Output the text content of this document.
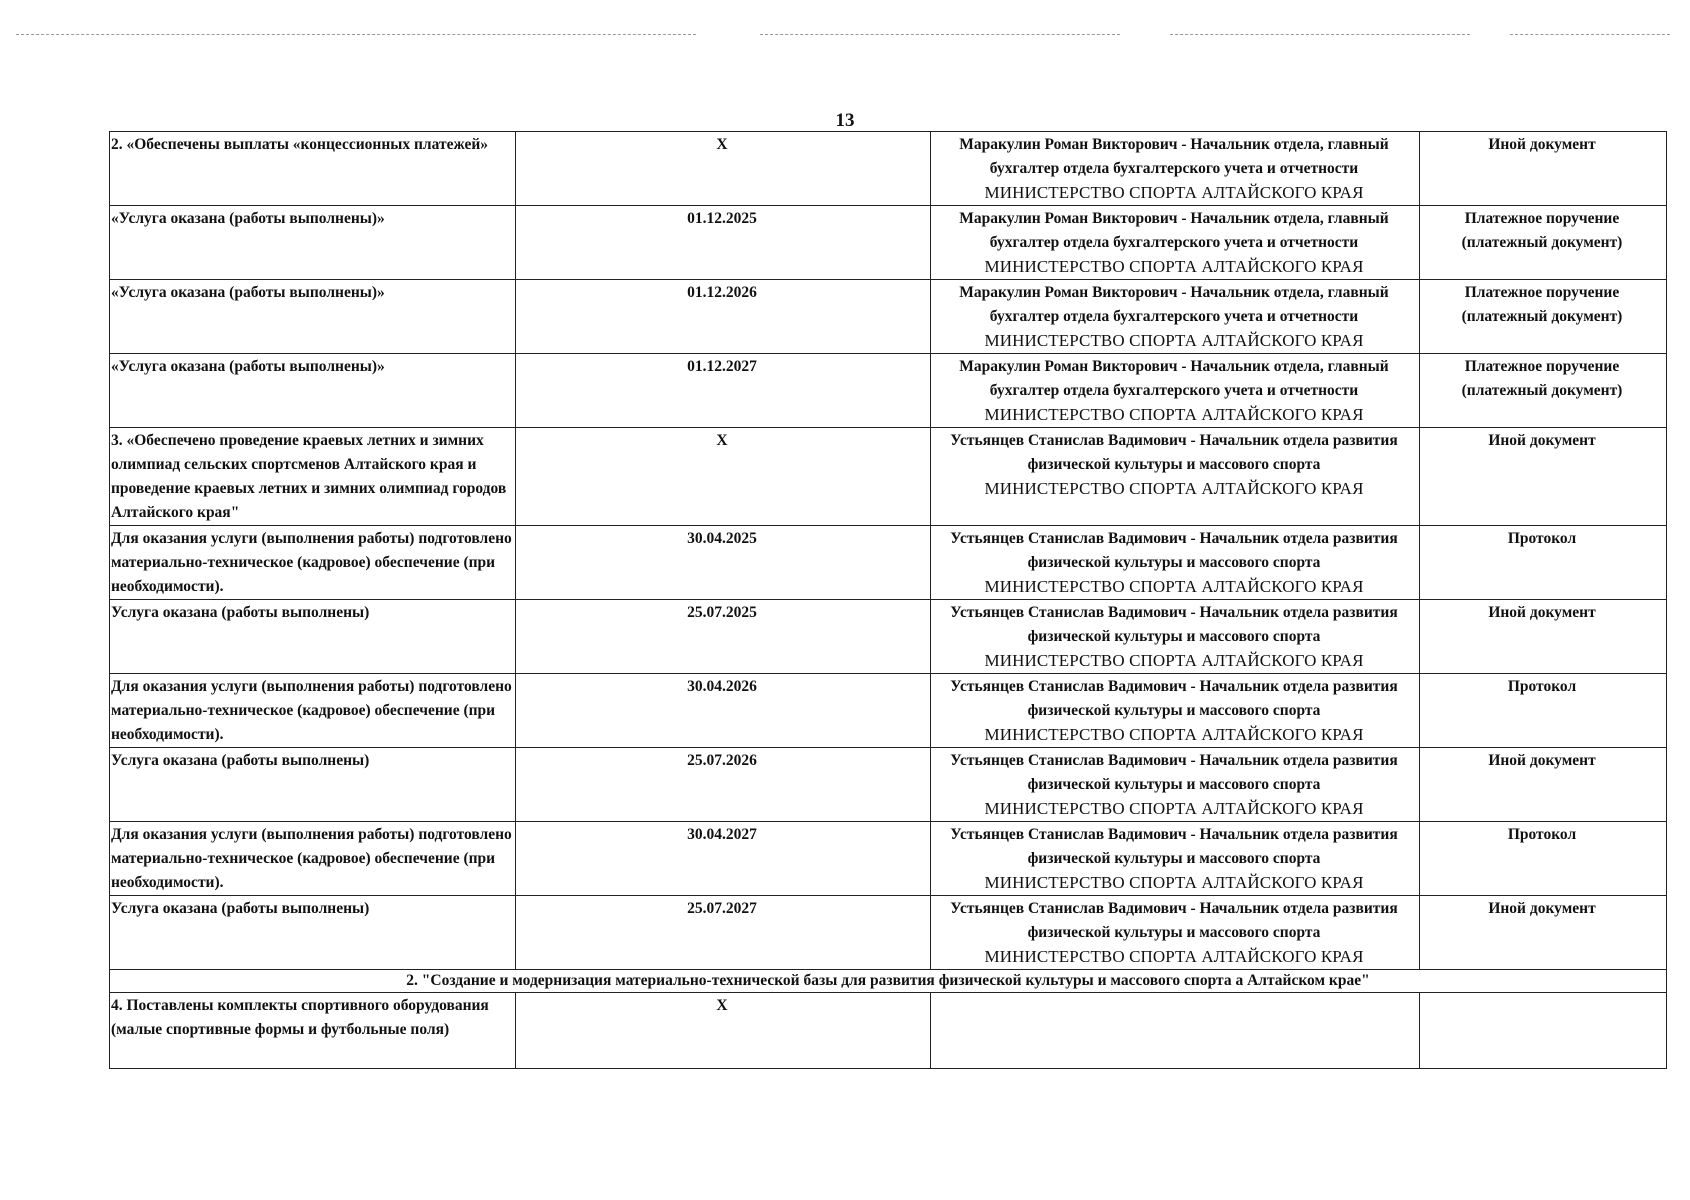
13
2. «Обеспечены выплаты «концессионных платежей»	X	Маракулин Роман Викторович - Начальник отдела, главный бухгалтер отдела бухгалтерского учета и отчетности
МИНИСТЕРСТВО СПОРТА АЛТАЙСКОГО КРАЯ	Иной документ
«Услуга оказана (работы выполнены)»	01.12.2025	Маракулин Роман Викторович - Начальник отдела, главный бухгалтер отдела бухгалтерского учета и отчетности
МИНИСТЕРСТВО СПОРТА АЛТАЙСКОГО КРАЯ	Платежное поручение (платежный документ)
«Услуга оказана (работы выполнены)»	01.12.2026	Маракулин Роман Викторович - Начальник отдела, главный бухгалтер отдела бухгалтерского учета и отчетности
МИНИСТЕРСТВО СПОРТА АЛТАЙСКОГО КРАЯ	Платежное поручение (платежный документ)
«Услуга оказана (работы выполнены)»	01.12.2027	Маракулин Роман Викторович - Начальник отдела, главный бухгалтер отдела бухгалтерского учета и отчетности
МИНИСТЕРСТВО СПОРТА АЛТАЙСКОГО КРАЯ	Платежное поручение (платежный документ)
3. «Обеспечено проведение краевых летних и зимних олимпиад сельских спортсменов Алтайского края и проведение краевых летних и зимних олимпиад городов Алтайского края"	X	Устьянцев Станислав Вадимович - Начальник отдела развития физической культуры и массового спорта
МИНИСТЕРСТВО СПОРТА АЛТАЙСКОГО КРАЯ	Иной документ
Для оказания услуги (выполнения работы) подготовлено материально-техническое (кадровое) обеспечение (при необходимости).	30.04.2025	Устьянцев Станислав Вадимович - Начальник отдела развития физической культуры и массового спорта
МИНИСТЕРСТВО СПОРТА АЛТАЙСКОГО КРАЯ	Протокол
Услуга оказана (работы выполнены)	25.07.2025	Устьянцев Станислав Вадимович - Начальник отдела развития физической культуры и массового спорта
МИНИСТЕРСТВО СПОРТА АЛТАЙСКОГО КРАЯ	Иной документ
Для оказания услуги (выполнения работы) подготовлено материально-техническое (кадровое) обеспечение (при необходимости).	30.04.2026	Устьянцев Станислав Вадимович - Начальник отдела развития физической культуры и массового спорта
МИНИСТЕРСТВО СПОРТА АЛТАЙСКОГО КРАЯ	Протокол
Услуга оказана (работы выполнены)	25.07.2026	Устьянцев Станислав Вадимович - Начальник отдела развития физической культуры и массового спорта
МИНИСТЕРСТВО СПОРТА АЛТАЙСКОГО КРАЯ	Иной документ
Для оказания услуги (выполнения работы) подготовлено материально-техническое (кадровое) обеспечение (при необходимости).	30.04.2027	Устьянцев Станислав Вадимович - Начальник отдела развития физической культуры и массового спорта
МИНИСТЕРСТВО СПОРТА АЛТАЙСКОГО КРАЯ	Протокол
Услуга оказана (работы выполнены)	25.07.2027	Устьянцев Станислав Вадимович - Начальник отдела развития физической культуры и массового спорта
МИНИСТЕРСТВО СПОРТА АЛТАЙСКОГО КРАЯ	Иной документ
2. "Создание и модернизация материально-технической базы для развития физической культуры и массового спорта а Алтайском крае"			
4. Поставлены комплекты спортивного оборудования (малые спортивные формы и футбольные поля)	X		
